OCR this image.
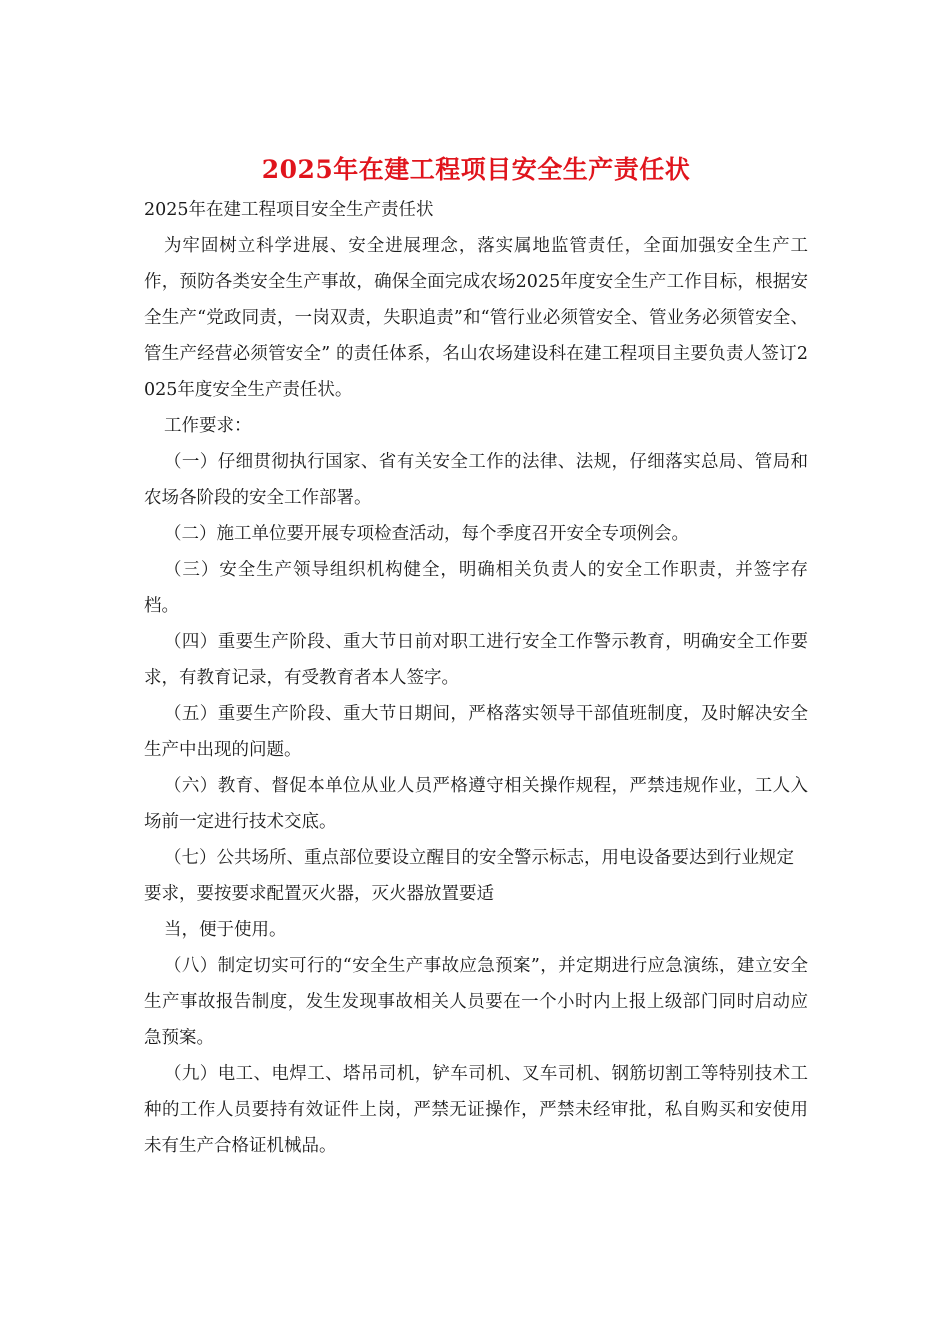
2025年在建工程项目安全生产责任状

2025年在建工程项目安全生产责任状

为牢固树立科学进展、安全进展理念，落实属地监管责任，全面加强安全生产工作，预防各类安全生产事故，确保全面完成农场2025年度安全生产工作目标，根据安全生产“党政同责，一岗双责，失职追责”和“管行业必须管安全、管业务必须管安全、管生产经营必须管安全” 的责任体系，名山农场建设科在建工程项目主要负责人签订2025年度安全生产责任状。

工作要求：

（一）仔细贯彻执行国家、省有关安全工作的法律、法规，仔细落实总局、管局和农场各阶段的安全工作部署。

（二）施工单位要开展专项检查活动，每个季度召开安全专项例会。

（三）安全生产领导组织机构健全，明确相关负责人的安全工作职责，并签字存档。

（四）重要生产阶段、重大节日前对职工进行安全工作警示教育，明确安全工作要求，有教育记录，有受教育者本人签字。

（五）重要生产阶段、重大节日期间，严格落实领导干部值班制度，及时解决安全生产中出现的问题。

（六）教育、督促本单位从业人员严格遵守相关操作规程，严禁违规作业，工人入场前一定进行技术交底。

（七）公共场所、重点部位要设立醒目的安全警示标志，用电设备要达到行业规定要求，要按要求配置灭火器，灭火器放置要适

当，便于使用。

（八）制定切实可行的“安全生产事故应急预案”，并定期进行应急演练，建立安全生产事故报告制度，发生发现事故相关人员要在一个小时内上报上级部门同时启动应急预案。

（九）电工、电焊工、塔吊司机，铲车司机、叉车司机、钢筋切割工等特别技术工种的工作人员要持有效证件上岗，严禁无证操作，严禁未经审批，私自购买和安使用未有生产合格证机械品。
